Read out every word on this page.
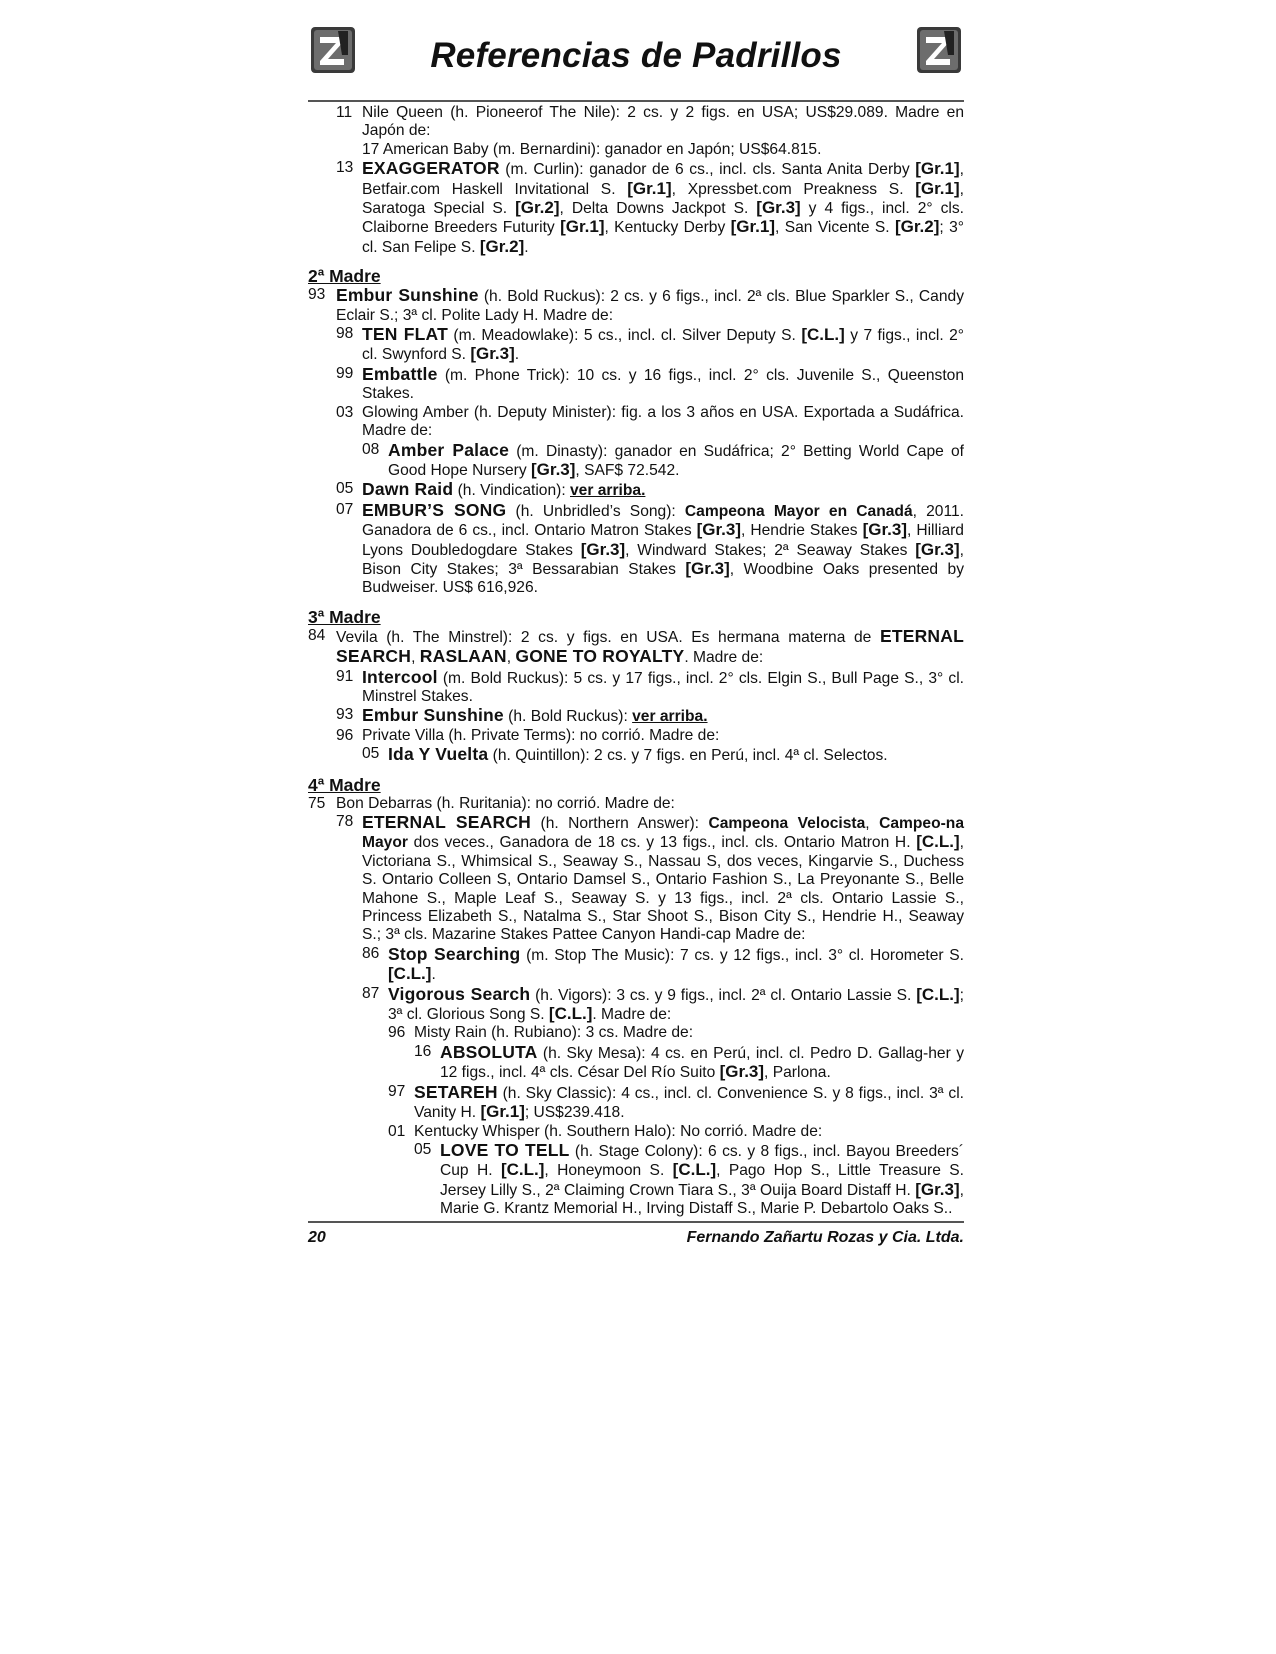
Referencias de Padrillos
11 Nile Queen (h. Pioneerof The Nile): 2 cs. y 2 figs. en USA; US$29.089. Madre en Japón de:
17 American Baby (m. Bernardini): ganador en Japón; US$64.815.
13 EXAGGERATOR (m. Curlin): ganador de 6 cs., incl. cls. Santa Anita Derby [Gr.1], Betfair.com Haskell Invitational S. [Gr.1], Xpressbet.com Preakness S. [Gr.1], Saratoga Special S. [Gr.2], Delta Downs Jackpot S. [Gr.3] y 4 figs., incl. 2° cls. Claiborne Breeders Futurity [Gr.1], Kentucky Derby [Gr.1], San Vicente S. [Gr.2]; 3° cl. San Felipe S. [Gr.2].
2ª Madre
93 Embur Sunshine (h. Bold Ruckus): 2 cs. y 6 figs., incl. 2ª cls. Blue Sparkler S., Candy Eclair S.; 3ª cl. Polite Lady H. Madre de:
98 TEN FLAT (m. Meadowlake): 5 cs., incl. cl. Silver Deputy S. [C.L.] y 7 figs., incl. 2° cl. Swynford S. [Gr.3].
99 Embattle (m. Phone Trick): 10 cs. y 16 figs., incl. 2° cls. Juvenile S., Queenston Stakes.
03 Glowing Amber (h. Deputy Minister): fig. a los 3 años en USA. Exportada a Sudáfrica. Madre de:
08 Amber Palace (m. Dinasty): ganador en Sudáfrica; 2° Betting World Cape of Good Hope Nursery [Gr.3], SAF$ 72.542.
05 Dawn Raid (h. Vindication): ver arriba.
07 EMBUR’S SONG (h. Unbridled’s Song): Campeona Mayor en Canadá, 2011. Ganadora de 6 cs., incl. Ontario Matron Stakes [Gr.3], Hendrie Stakes [Gr.3], Hilliard Lyons Doubledogdare Stakes [Gr.3], Windward Stakes; 2ª Seaway Stakes [Gr.3], Bison City Stakes; 3ª Bessarabian Stakes [Gr.3], Woodbine Oaks presented by Budweiser. US$ 616,926.
3ª Madre
84 Vevila (h. The Minstrel): 2 cs. y figs. en USA. Es hermana materna de ETERNAL SEARCH, RASLAAN, GONE TO ROYALTY. Madre de:
91 Intercool (m. Bold Ruckus): 5 cs. y 17 figs., incl. 2° cls. Elgin S., Bull Page S., 3° cl. Minstrel Stakes.
93 Embur Sunshine (h. Bold Ruckus): ver arriba.
96 Private Villa (h. Private Terms): no corrió. Madre de:
05 Ida Y Vuelta (h. Quintillon): 2 cs. y 7 figs. en Perú, incl. 4ª cl. Selectos.
4ª Madre
75 Bon Debarras (h. Ruritania): no corrió. Madre de:
78 ETERNAL SEARCH (h. Northern Answer): Campeona Velocista, Campeo-na Mayor dos veces., Ganadora de 18 cs. y 13 figs., incl. cls. Ontario Matron H. [C.L.], Victoriana S., Whimsical S., Seaway S., Nassau S, dos veces, Kingarvie S., Duchess S. Ontario Colleen S, Ontario Damsel S., Ontario Fashion S., La Preyonante S., Belle Mahone S., Maple Leaf S., Seaway S. y 13 figs., incl. 2ª cls. Ontario Lassie S., Princess Elizabeth S., Natalma S., Star Shoot S., Bison City S., Hendrie H., Seaway S.; 3ª cls. Mazarine Stakes Pattee Canyon Handi-cap Madre de:
86 Stop Searching (m. Stop The Music): 7 cs. y 12 figs., incl. 3° cl. Horometer S. [C.L.].
87 Vigorous Search (h. Vigors): 3 cs. y 9 figs., incl. 2ª cl. Ontario Lassie S. [C.L.]; 3ª cl. Glorious Song S. [C.L.]. Madre de:
96 Misty Rain (h. Rubiano): 3 cs. Madre de:
16 ABSOLUTA (h. Sky Mesa): 4 cs. en Perú, incl. cl. Pedro D. Gallag-her y 12 figs., incl. 4ª cls. César Del Río Suito [Gr.3], Parlona.
97 SETAREH (h. Sky Classic): 4 cs., incl. cl. Convenience S. y 8 figs., incl. 3ª cl. Vanity H. [Gr.1]; US$239.418.
01 Kentucky Whisper (h. Southern Halo): No corrió. Madre de:
05 LOVE TO TELL (h. Stage Colony): 6 cs. y 8 figs., incl. Bayou Breeders´ Cup H. [C.L.], Honeymoon S. [C.L.], Pago Hop S., Little Treasure S. Jersey Lilly S., 2ª Claiming Crown Tiara S., 3ª Ouija Board Distaff H. [Gr.3], Marie G. Krantz Memorial H., Irving Distaff S., Marie P. Debartolo Oaks S..
20	Fernando Zañartu Rozas y Cia. Ltda.
